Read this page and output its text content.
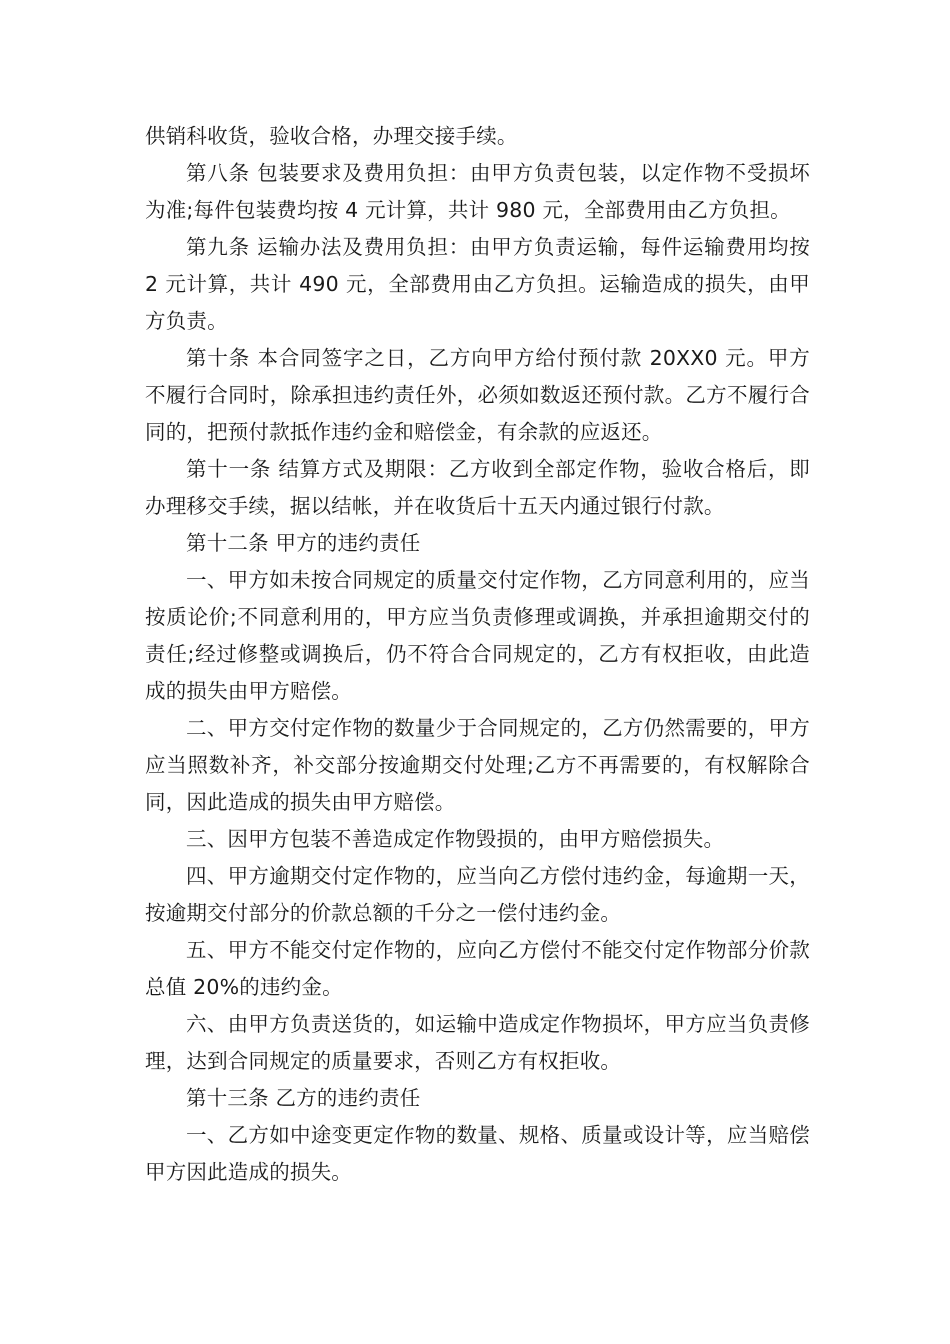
供销科收货，验收合格，办理交接手续。

第八条 包装要求及费用负担：由甲方负责包装，以定作物不受损坏为准;每件包装费均按 4 元计算，共计 980 元，全部费用由乙方负担。

第九条 运输办法及费用负担：由甲方负责运输，每件运输费用均按 2 元计算，共计 490 元，全部费用由乙方负担。运输造成的损失，由甲方负责。

第十条 本合同签字之日，乙方向甲方给付预付款 20XX0 元。甲方不履行合同时，除承担违约责任外，必须如数返还预付款。乙方不履行合同的，把预付款抵作违约金和赔偿金，有余款的应返还。

第十一条 结算方式及期限：乙方收到全部定作物，验收合格后，即办理移交手续，据以结帐，并在收货后十五天内通过银行付款。

第十二条 甲方的违约责任

一、甲方如未按合同规定的质量交付定作物，乙方同意利用的，应当按质论价;不同意利用的，甲方应当负责修理或调换，并承担逾期交付的责任;经过修整或调换后，仍不符合合同规定的，乙方有权拒收，由此造成的损失由甲方赔偿。

二、甲方交付定作物的数量少于合同规定的，乙方仍然需要的，甲方应当照数补齐，补交部分按逾期交付处理;乙方不再需要的，有权解除合同，因此造成的损失由甲方赔偿。

三、因甲方包装不善造成定作物毁损的，由甲方赔偿损失。

四、甲方逾期交付定作物的，应当向乙方偿付违约金，每逾期一天，按逾期交付部分的价款总额的千分之一偿付违约金。

五、甲方不能交付定作物的，应向乙方偿付不能交付定作物部分价款总值 20%的违约金。

六、由甲方负责送货的，如运输中造成定作物损坏，甲方应当负责修理，达到合同规定的质量要求，否则乙方有权拒收。

第十三条 乙方的违约责任

一、乙方如中途变更定作物的数量、规格、质量或设计等，应当赔偿甲方因此造成的损失。
